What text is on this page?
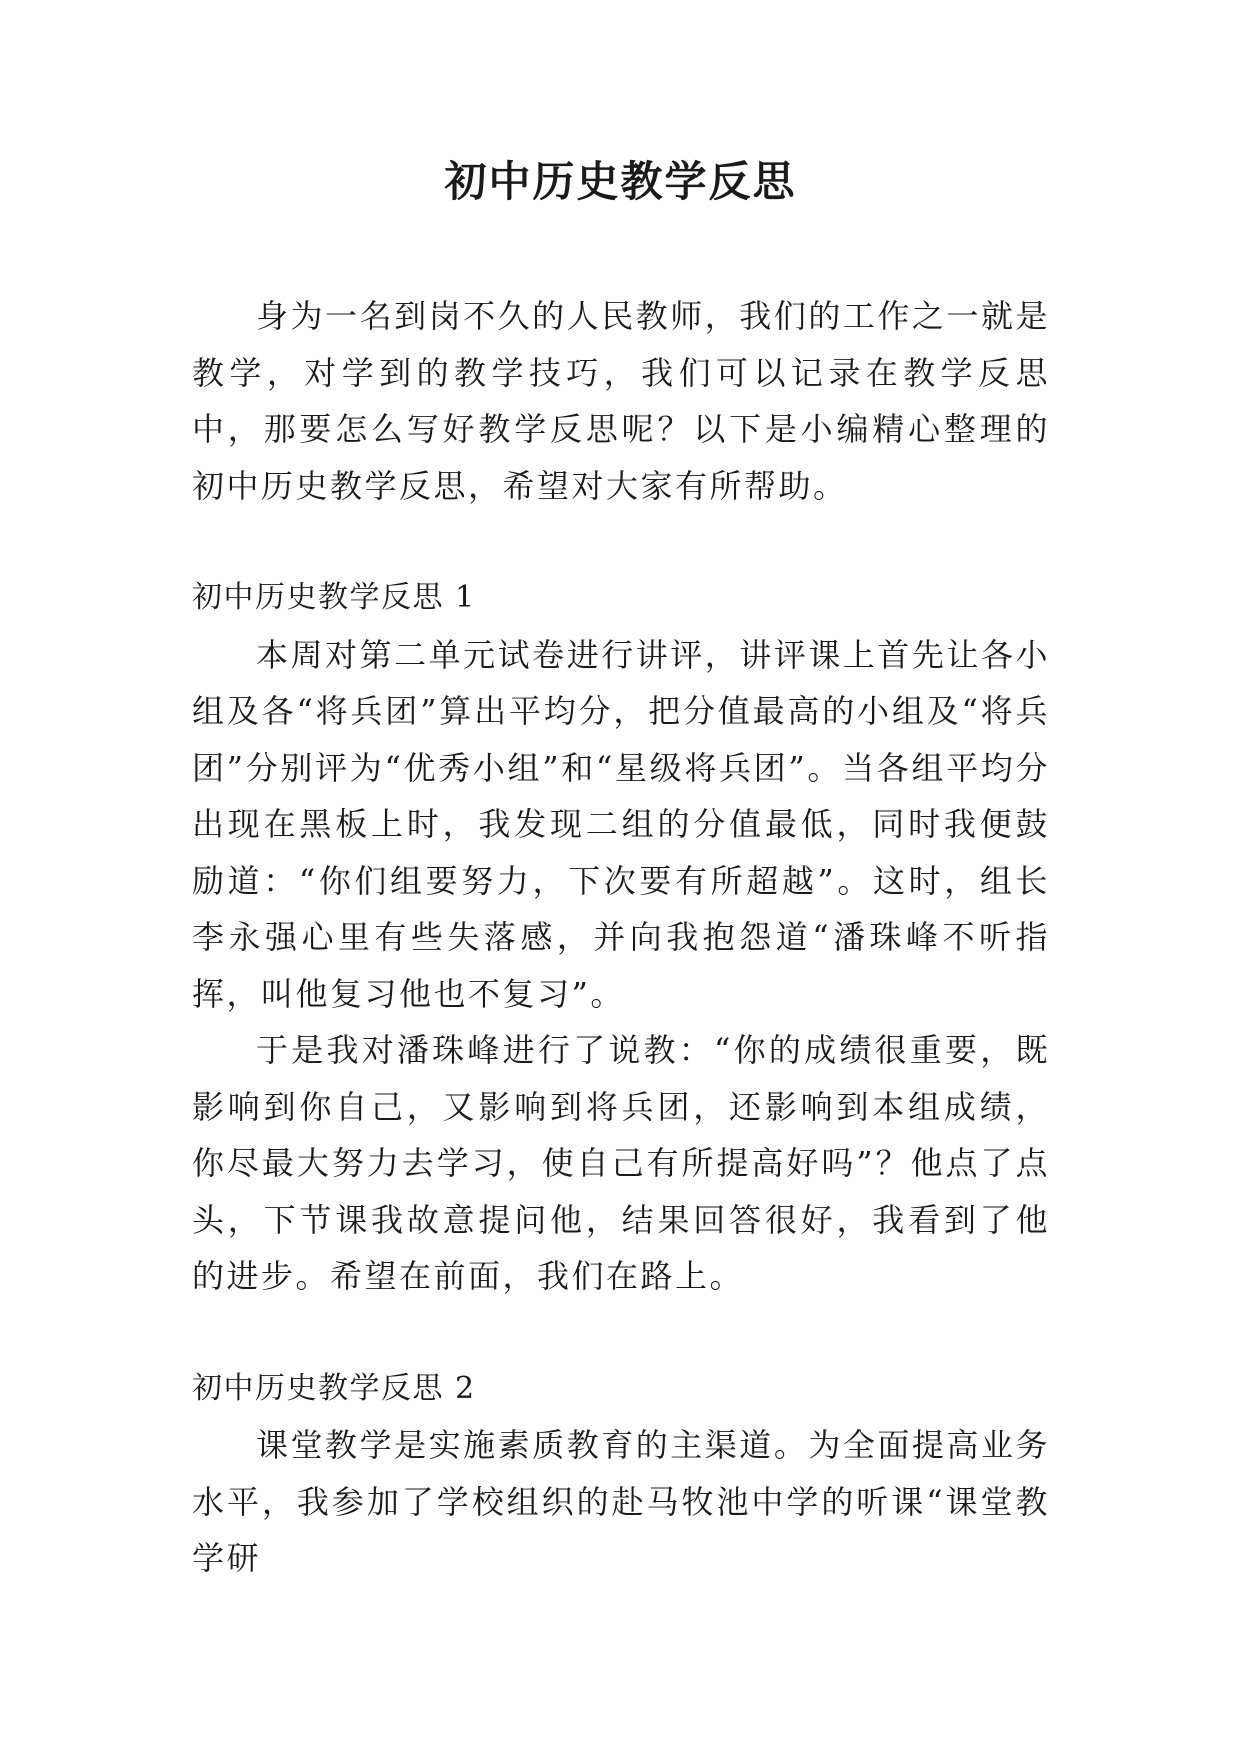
初中历史教学反思

身为一名到岗不久的人民教师，我们的工作之一就是教学，对学到的教学技巧，我们可以记录在教学反思中，那要怎么写好教学反思呢？以下是小编精心整理的初中历史教学反思，希望对大家有所帮助。

初中历史教学反思 1

本周对第二单元试卷进行讲评，讲评课上首先让各小组及各“将兵团”算出平均分，把分值最高的小组及“将兵团”分别评为“优秀小组”和“星级将兵团”。当各组平均分出现在黑板上时，我发现二组的分值最低，同时我便鼓励道：“你们组要努力，下次要有所超越”。这时，组长李永强心里有些失落感，并向我抱怨道“潘珠峰不听指挥，叫他复习他也不复习”。

于是我对潘珠峰进行了说教：“你的成绩很重要，既影响到你自己，又影响到将兵团，还影响到本组成绩，你尽最大努力去学习，使自己有所提高好吗”？他点了点头，下节课我故意提问他，结果回答很好，我看到了他的进步。希望在前面，我们在路上。

初中历史教学反思 2

课堂教学是实施素质教育的主渠道。为全面提高业务水平，我参加了学校组织的赴马牧池中学的听课“课堂教学研
